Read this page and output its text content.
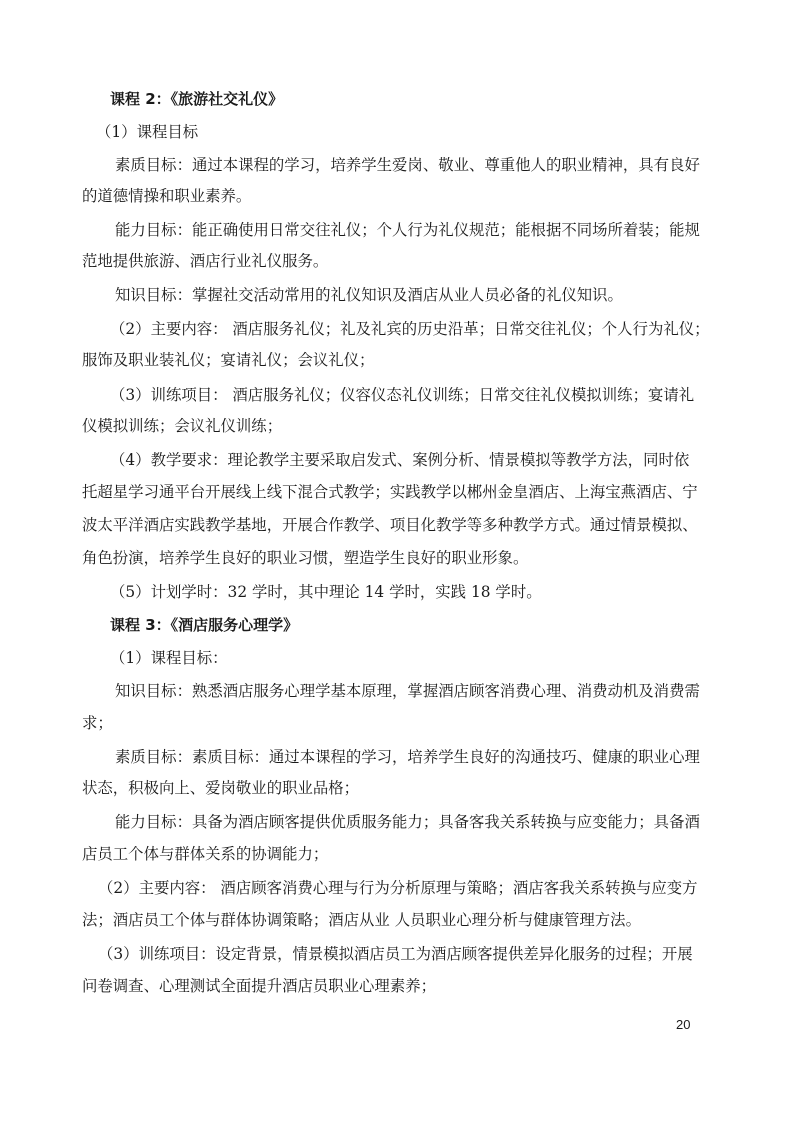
课程 2：《旅游社交礼仪》
（1）课程目标
素质目标：通过本课程的学习，培养学生爱岗、敬业、尊重他人的职业精神，具有良好
的道德情操和职业素养。
能力目标：能正确使用日常交往礼仪；个人行为礼仪规范；能根据不同场所着装；能规
范地提供旅游、酒店行业礼仪服务。
知识目标：掌握社交活动常用的礼仪知识及酒店从业人员必备的礼仪知识。
（2）主要内容： 酒店服务礼仪；礼及礼宾的历史沿革；日常交往礼仪；个人行为礼仪；
服饰及职业装礼仪；宴请礼仪；会议礼仪；
（3）训练项目： 酒店服务礼仪；仪容仪态礼仪训练；日常交往礼仪模拟训练；宴请礼
仪模拟训练；会议礼仪训练；
（4）教学要求：理论教学主要采取启发式、案例分析、情景模拟等教学方法，同时依
托超星学习通平台开展线上线下混合式教学；实践教学以郴州金皇酒店、上海宝燕酒店、宁
波太平洋酒店实践教学基地，开展合作教学、项目化教学等多种教学方式。通过情景模拟、
角色扮演，培养学生良好的职业习惯，塑造学生良好的职业形象。
（5）计划学时：32 学时，其中理论 14 学时，实践 18 学时。
课程 3：《酒店服务心理学》
（1）课程目标：
知识目标：熟悉酒店服务心理学基本原理，掌握酒店顾客消费心理、消费动机及消费需
求；
素质目标：素质目标：通过本课程的学习，培养学生良好的沟通技巧、健康的职业心理
状态，积极向上、爱岗敬业的职业品格；
能力目标：具备为酒店顾客提供优质服务能力；具备客我关系转换与应变能力；具备酒
店员工个体与群体关系的协调能力；
（2）主要内容： 酒店顾客消费心理与行为分析原理与策略；酒店客我关系转换与应变方
法；酒店员工个体与群体协调策略；酒店从业 人员职业心理分析与健康管理方法。
（3）训练项目：设定背景，情景模拟酒店员工为酒店顾客提供差异化服务的过程；开展
问卷调查、心理测试全面提升酒店员职业心理素养；
20
